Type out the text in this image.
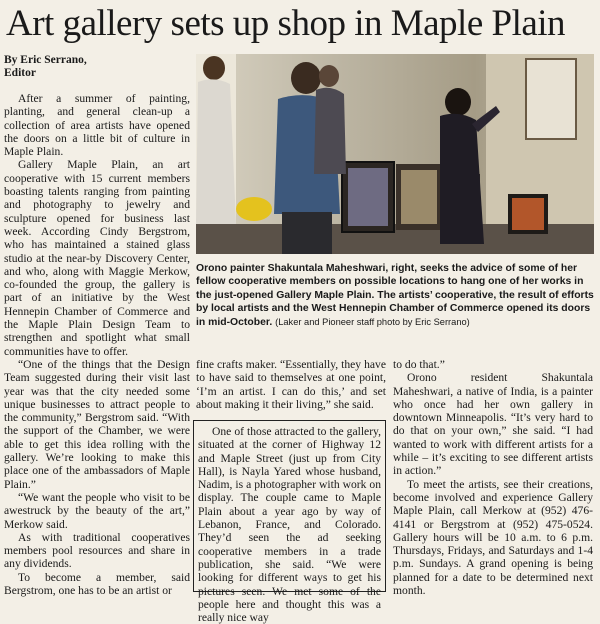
Art gallery sets up shop in Maple Plain
By Eric Serrano,
Editor

After a summer of painting, planting, and general clean-up a collection of area artists have opened the doors on a little bit of culture in Maple Plain.

Gallery Maple Plain, an art cooperative with 15 current members boasting talents ranging from painting and photography to jewelry and sculpture opened for business last week. According Cindy Bergstrom, who has maintained a stained glass studio at the near-by Discovery Center, and who, along with Maggie Merkow, co-founded the group, the gallery is part of an initiative by the West Hennepin Chamber of Commerce and the Maple Plain Design Team to strengthen and spotlight what small communities have to offer.

“One of the things that the Design Team suggested during their visit last year was that the city needed some unique businesses to attract people to the community,” Bergstrom said. “With the support of the Chamber, we were able to get this idea rolling with the gallery. We’re looking to make this place one of the ambassadors of Maple Plain.”

“We want the people who visit to be awestruck by the beauty of the art,” Merkow said.

As with traditional cooperatives members pool resources and share in any dividends.

To become a member, said Bergstrom, one has to be an artist or

Orono painter Shakuntala Maheshwari, right, seeks the advice of some of her fellow cooperative members on possible locations to hang one of her works in the just-opened Gallery Maple Plain. The artists’ cooperative, the result of efforts by local artists and the West Hennepin Chamber of Commerce opened its doors in mid-October. (Laker and Pioneer staff photo by Eric Serrano)

fine crafts maker. “Essentially, they have to have said to themselves at one point, ‘I’m an artist. I can do this,’ and set about making it their living,” she said.

One of those attracted to the gallery, situated at the corner of Highway 12 and Maple Street (just up from City Hall), is Nayla Yared whose husband, Nadim, is a photographer with work on display. The couple came to Maple Plain about a year ago by way of Lebanon, France, and Colorado. They’d seen the ad seeking cooperative members in a trade publication, she said. “We were looking for different ways to get his pictures seen. We met some of the people here and thought this was a really nice way

to do that.”

Orono resident Shakuntala Maheshwari, a native of India, is a painter who once had her own gallery in downtown Minneapolis. “It’s very hard to do that on your own,” she said. “I had wanted to work with different artists for a while – it’s exciting to see different artists in action.”

To meet the artists, see their creations, become involved and experience Gallery Maple Plain, call Merkow at (952) 476-4141 or Bergstrom at (952) 475-0524. Gallery hours will be 10 a.m. to 6 p.m. Thursdays, Fridays, and Saturdays and 1-4 p.m. Sundays. A grand opening is being planned for a date to be determined next month.
